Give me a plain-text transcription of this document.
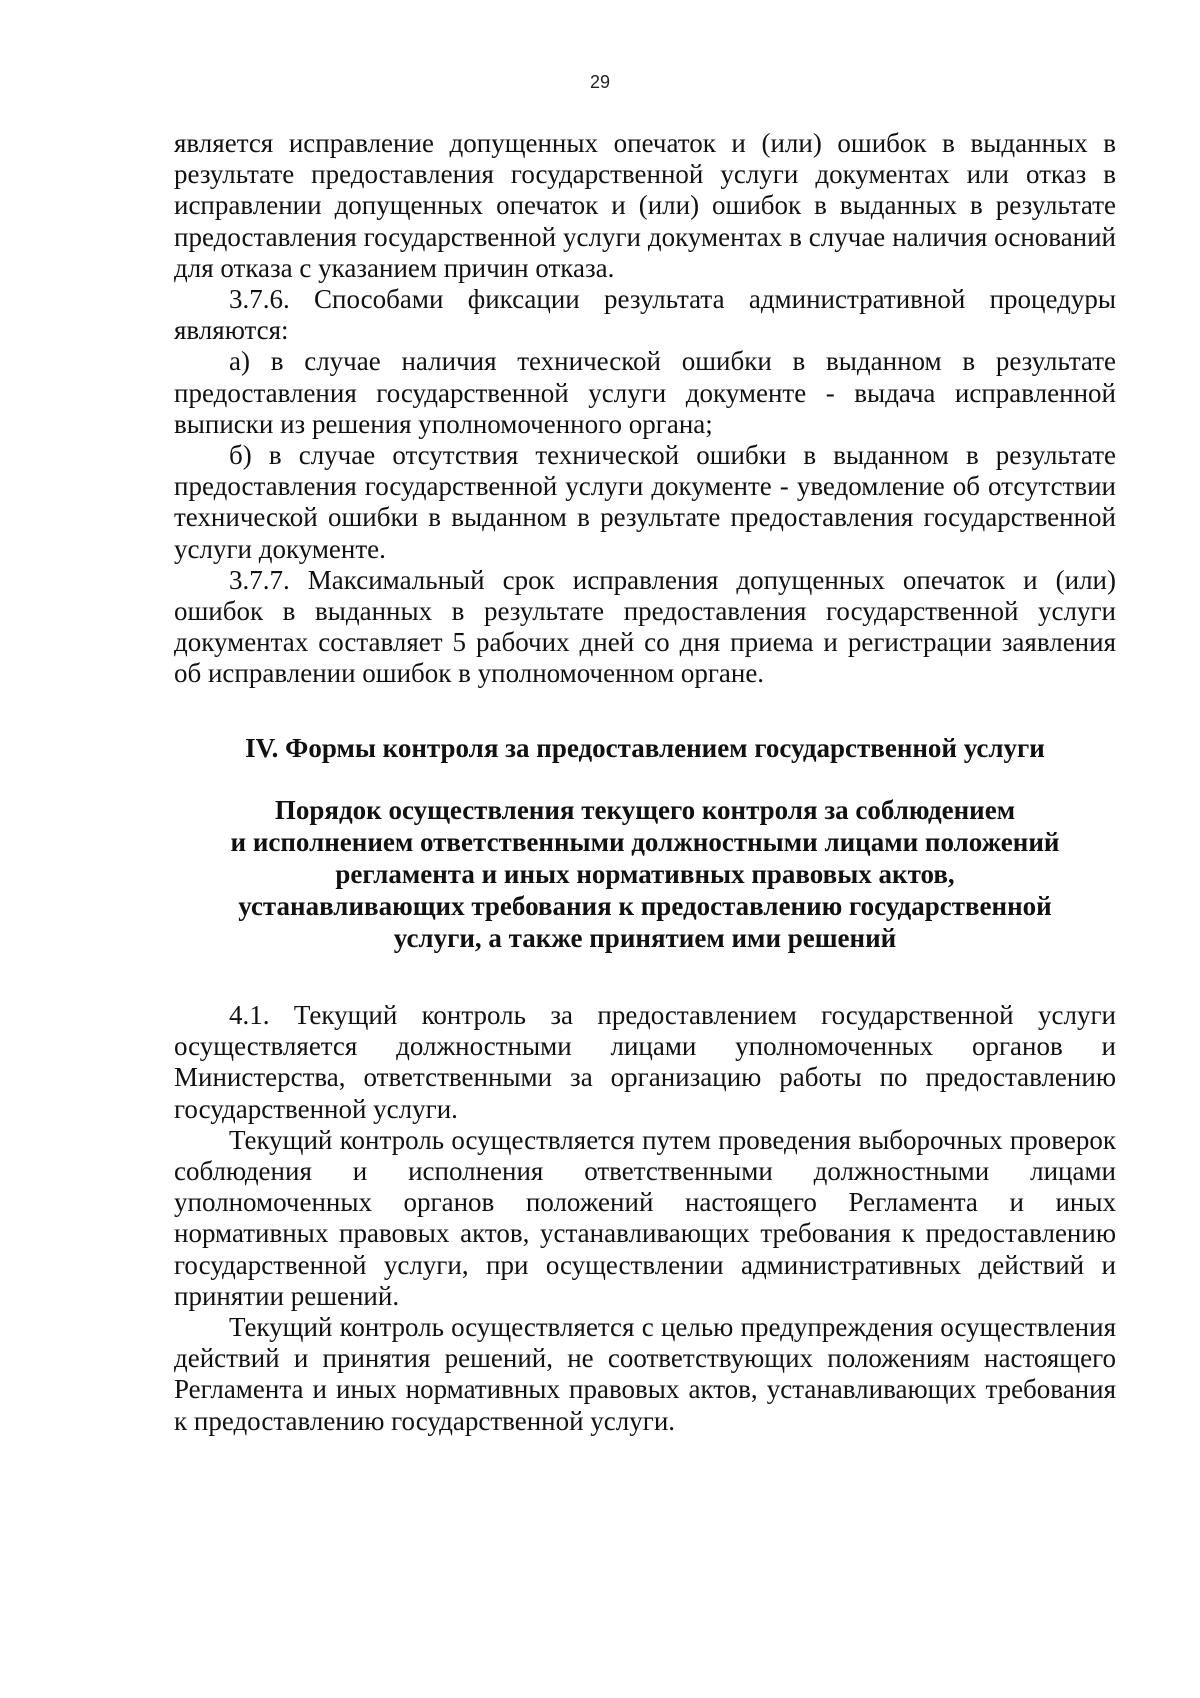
29

является исправление допущенных опечаток и (или) ошибок в выданных в результате предоставления государственной услуги документах или отказ в исправлении допущенных опечаток и (или) ошибок в выданных в результате предоставления государственной услуги документах в случае наличия оснований для отказа с указанием причин отказа.

3.7.6. Способами фиксации результата административной процедуры являются:

а) в случае наличия технической ошибки в выданном в результате предоставления государственной услуги документе - выдача исправленной выписки из решения уполномоченного органа;

б) в случае отсутствия технической ошибки в выданном в результате предоставления государственной услуги документе - уведомление об отсутствии технической ошибки в выданном в результате предоставления государственной услуги документе.

3.7.7. Максимальный срок исправления допущенных опечаток и (или) ошибок в выданных в результате предоставления государственной услуги документах составляет 5 рабочих дней со дня приема и регистрации заявления об исправлении ошибок в уполномоченном органе.

IV. Формы контроля за предоставлением государственной услуги
Порядок осуществления текущего контроля за соблюдением
и исполнением ответственными должностными лицами положений
регламента и иных нормативных правовых актов,
устанавливающих требования к предоставлению государственной
услуги, а также принятием ими решений

4.1. Текущий контроль за предоставлением государственной услуги осуществляется должностными лицами уполномоченных органов и Министерства, ответственными за организацию работы по предоставлению государственной услуги.

Текущий контроль осуществляется путем проведения выборочных проверок соблюдения и исполнения ответственными должностными лицами уполномоченных органов положений настоящего Регламента и иных нормативных правовых актов, устанавливающих требования к предоставлению государственной услуги, при осуществлении административных действий и принятии решений.

Текущий контроль осуществляется с целью предупреждения осуществления действий и принятия решений, не соответствующих положениям настоящего Регламента и иных нормативных правовых актов, устанавливающих требования к предоставлению государственной услуги.
